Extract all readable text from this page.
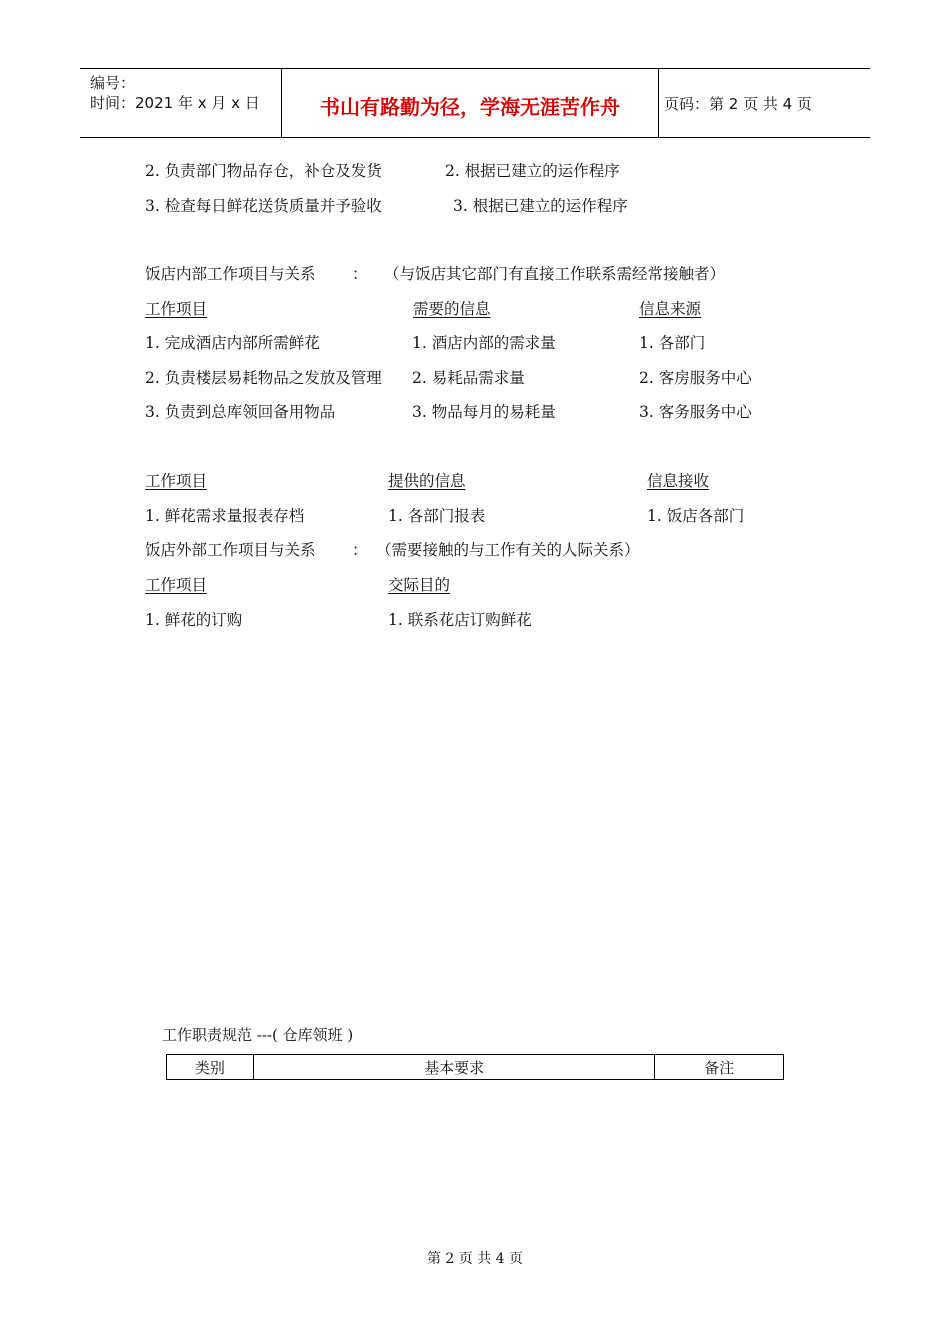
编号：
时间：2021 年 x 月 x 日	书山有路勤为径，学海无涯苦作舟	页码：第 2 页 共 4 页
2. 负责部门物品存仓，补仓及发货	2. 根据已建立的运作程序
3. 检查每日鲜花送货质量并予验收	3. 根据已建立的运作程序
饭店内部工作项目与关系 ： （与饭店其它部门有直接工作联系需经常接触者）
工作项目	需要的信息	信息来源
1. 完成酒店内部所需鲜花	1. 酒店内部的需求量	1. 各部门
2. 负责楼层易耗物品之发放及管理 2. 易耗品需求量	2. 客房服务中心
3. 负责到总库领回备用物品	3. 物品每月的易耗量	3. 客务服务中心
工作项目	提供的信息	信息接收
1. 鲜花需求量报表存档	1. 各部门报表	1. 饭店各部门
饭店外部工作项目与关系 ： （需要接触的与工作有关的人际关系）
工作项目	交际目的
1. 鲜花的订购	1. 联系花店订购鲜花
工作职责规范 ---( 仓库领班 )
类别	基本要求	备注
第 2 页 共 4 页
